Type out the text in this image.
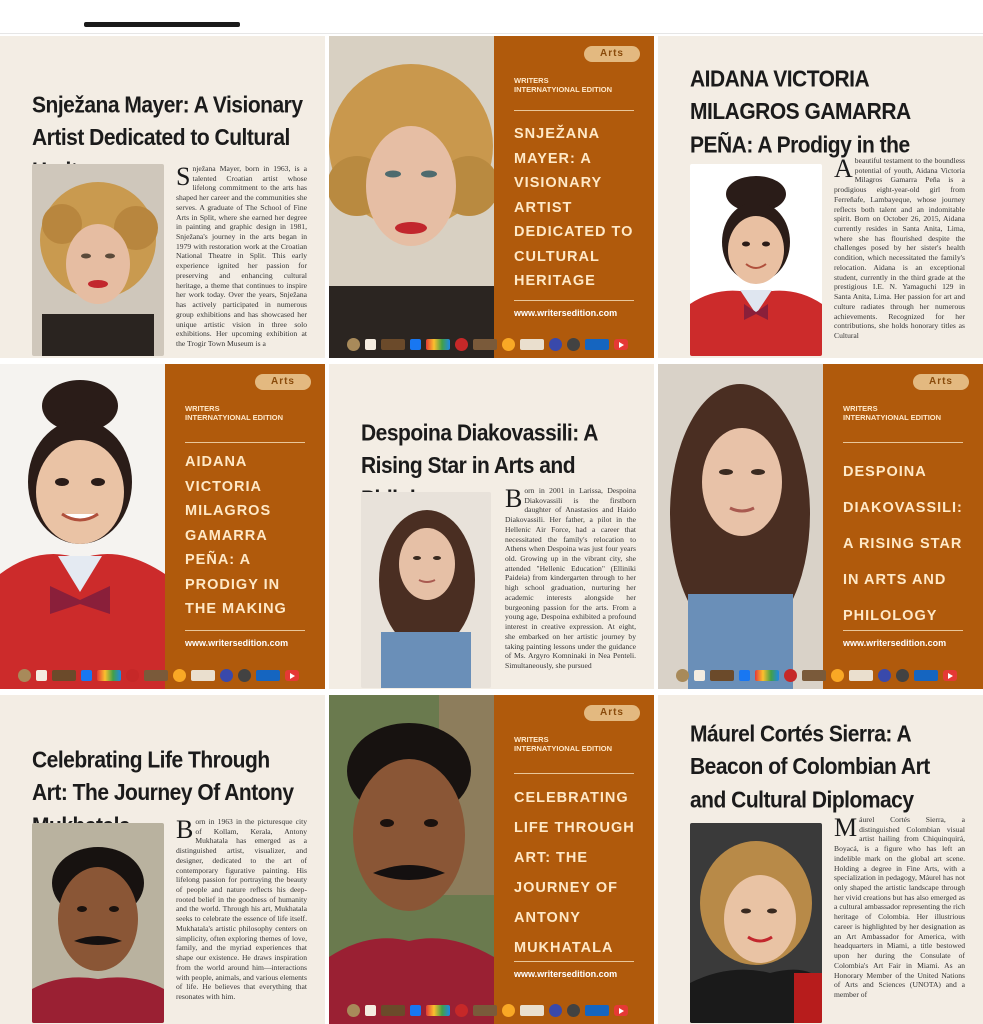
Snježana Mayer: A Visionary Artist Dedicated to Cultural
S nježana Mayer, born in 1963, is a talented Croatian artist whose lifelong commitment to the arts has shaped her career and the communities she serves. A graduate of The School of Fine Arts in Split, where she earned her degree in painting and graphic design in 1981, Snježana's journey in the arts began in 1979 with restoration work at the Croatian National Theatre in Split. This early experience ignited her passion for preserving and enhancing cultural heritage, a theme that continues to inspire her work today. Over the years, Snježana has actively participated in numerous group exhibitions and has showcased her unique artistic vision in three solo exhibitions. Her upcoming exhibition at the Trogir Town Museum is a
Arts
WRITERS INTERNATYIONAL EDITION
SNJEŽANA MAYER: A VISIONARY ARTIST DEDICATED TO CULTURAL HERITAGE
www.writersedition.com
AIDANA VICTORIA MILAGROS GAMARRA PEÑA: A Prodigy in the
A beautiful testament to the boundless potential of youth, Aidana Victoria Milagros Gamarra Peña is a prodigious eight-year-old girl from Ferreñafe, Lambayeque, whose journey reflects both talent and an indomitable spirit. Born on October 26, 2015, Aidana currently resides in Santa Anita, Lima, where she has flourished despite the challenges posed by her sister's health condition, which necessitated the family's relocation. Aidana is an exceptional student, currently in the third grade at the prestigious I.E. N. Yamaguchi 129 in Santa Anita, Lima. Her passion for art and culture radiates through her numerous achievements. Recognized for her contributions, she holds honorary titles as Cultural
Arts
WRITERS INTERNATYIONAL EDITION
AIDANA VICTORIA MILAGROS GAMARRA PEÑA: A PRODIGY IN THE MAKING
www.writersedition.com
Despoina Diakovassili: A Rising Star in Arts and
B orn in 2001 in Larissa, Despoina Diakovassili is the firstborn daughter of Anastasios and Haido Diakovassili. Her father, a pilot in the Hellenic Air Force, had a career that necessitated the family's relocation to Athens when Despoina was just four years old. Growing up in the vibrant city, she attended "Hellenic Education" (Elliniki Paideia) from kindergarten through to her high school graduation, nurturing her academic interests alongside her burgeoning passion for the arts. From a young age, Despoina exhibited a profound interest in creative expression. At eight, she embarked on her artistic journey by taking painting lessons under the guidance of Ms. Argyro Komninaki in Nea Penteli. Simultaneously, she pursued
Arts
WRITERS INTERNATYIONAL EDITION
DESPOINA DIAKOVASSILI: A RISING STAR IN ARTS AND PHILOLOGY
www.writersedition.com
Celebrating Life Through Art: The Journey Of Antony
B orn in 1963 in the picturesque city of Kollam, Kerala, Antony Mukhatala has emerged as a distinguished artist, visualizer, and designer, dedicated to the art of contemporary figurative painting. His lifelong passion for portraying the beauty of people and nature reflects his deep-rooted belief in the goodness of humanity and the world. Through his art, Mukhatala seeks to celebrate the essence of life itself. Mukhatala's artistic philosophy centers on simplicity, often exploring themes of love, family, and the myriad experiences that shape our existence. He draws inspiration from the world around him—interactions with people, animals, and various elements of life. He believes that everything that resonates with him.
Arts
WRITERS INTERNATYIONAL EDITION
CELEBRATING LIFE THROUGH ART: THE JOURNEY OF ANTONY MUKHATALA
www.writersedition.com
Máurel Cortés Sierra: A Beacon of Colombian Art and Cultural Diplomacy
M áurel Cortés Sierra, a distinguished Colombian visual artist hailing from Chiquinquirá, Boyacá, is a figure who has left an indelible mark on the global art scene. Holding a degree in Fine Arts, with a specialization in pedagogy, Máurel has not only shaped the artistic landscape through her vivid creations but has also emerged as a cultural ambassador representing the rich heritage of Colombia. Her illustrious career is highlighted by her designation as an Art Ambassador for America, with headquarters in Miami, a title bestowed upon her during the Consulate of Colombia's Art Fair in Miami. As an Honorary Member of the United Nations of Arts and Sciences (UNOTA) and a member of
